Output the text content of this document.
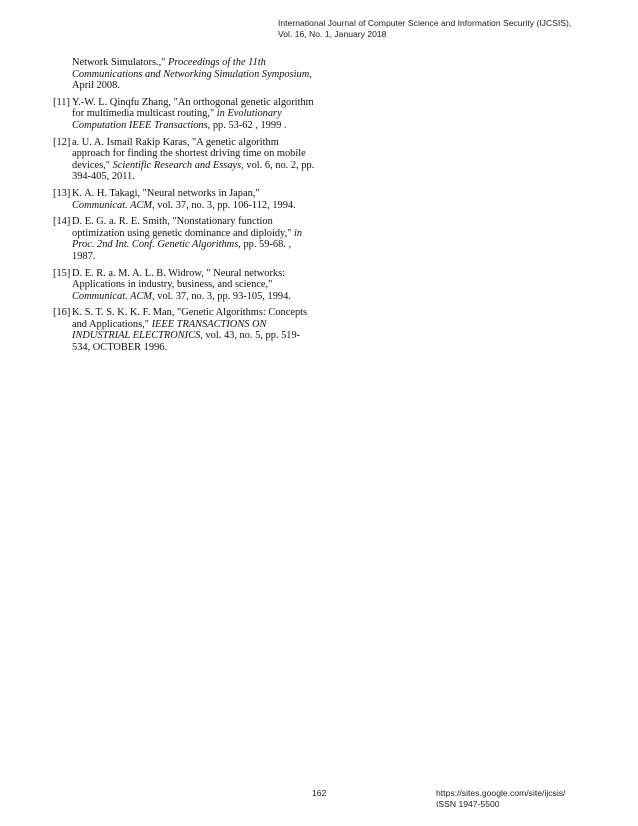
International Journal of Computer Science and Information Security (IJCSIS),
Vol. 16, No. 1, January 2018
Network Simulators.," Proceedings of the 11th Communications and Networking Simulation Symposium, April 2008.
[11] Y.-W. L. Qinqfu Zhang, "An orthogonal genetic algorithm for multimedia multicast routing," in Evolutionary Computation IEEE Transactions, pp. 53-62 , 1999 .
[12] a. U. A. Ismail Rakip Karas, "A genetic algorithm approach for finding the shortest driving time on mobile devices," Scientific Research and Essays, vol. 6, no. 2, pp. 394-405, 2011.
[13] K. A. H. Takagi, "Neural networks in Japan," Communicat. ACM, vol. 37, no. 3, pp. 106-112, 1994.
[14] D. E. G. a. R. E. Smith, "Nonstationary function optimization using genetic dominance and diploidy," in Proc. 2nd Int. Conf. Genetic Algorithms, pp. 59-68. , 1987.
[15] D. E. R. a. M. A. L. B. Widrow, " Neural networks: Applications in industry, business, and science," Communicat. ACM, vol. 37, no. 3, pp. 93-105, 1994.
[16] K. S. T. S. K. K. F. Man, "Genetic Algorithms: Concepts and Applications," IEEE TRANSACTIONS ON INDUSTRIAL ELECTRONICS, vol. 43, no. 5, pp. 519-534, OCTOBER 1996.
162	https://sites.google.com/site/ijcsis/
ISSN 1947-5500
